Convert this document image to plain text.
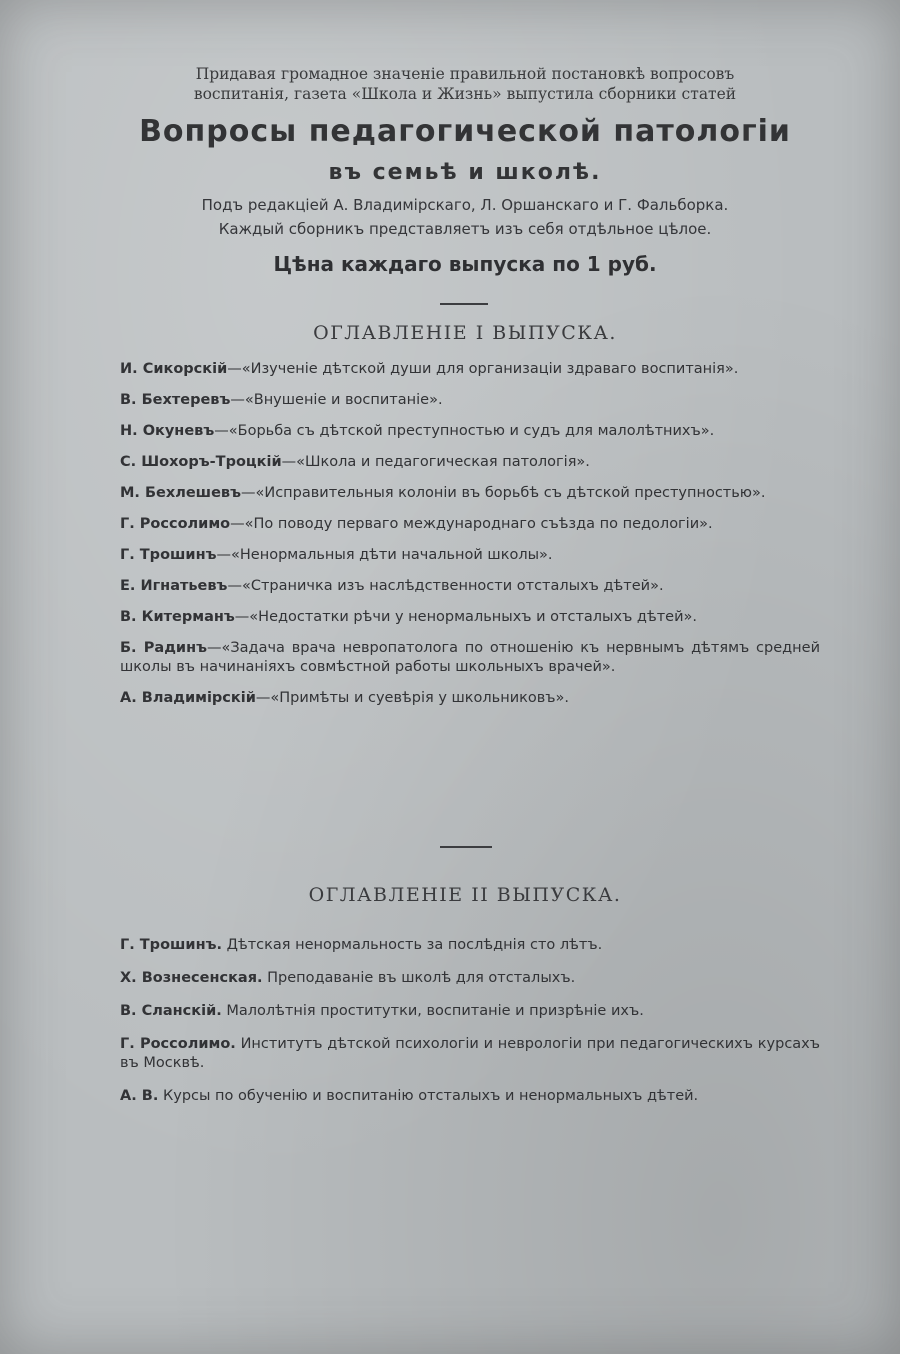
Придавая громадное значеніе правильной постановкѣ вопросовъ
воспитанія, газета «Школа и Жизнь» выпустила сборники статей
Вопросы педагогической патологіи
въ семьѣ и школѣ.
Подъ редакціей А. Владимірскаго, Л. Оршанскаго и Г. Фальборка.
Каждый сборникъ представляетъ изъ себя отдѣльное цѣлое.
Цѣна каждаго выпуска по 1 руб.
ОГЛАВЛЕНІЕ I ВЫПУСКА.
И. Сикорскій—«Изученіе дѣтской души для организаціи здраваго воспитанія».
В. Бехтеревъ—«Внушеніе и воспитаніе».
Н. Окуневъ—«Борьба съ дѣтской преступностью и судъ для малолѣтнихъ».
С. Шохоръ-Троцкій—«Школа и педагогическая патологія».
М. Бехлешевъ—«Исправительныя колоніи въ борьбѣ съ дѣтской преступностью».
Г. Россолимо—«По поводу перваго международнаго съѣзда по педологіи».
Г. Трошинъ—«Ненормальныя дѣти начальной школы».
Е. Игнатьевъ—«Страничка изъ наслѣдственности отсталыхъ дѣтей».
В. Китерманъ—«Недостатки рѣчи у ненормальныхъ и отсталыхъ дѣтей».
Б. Радинъ—«Задача врача невропатолога по отношенію къ нервнымъ дѣтямъ средней школы въ начинаніяхъ совмѣстной работы школьныхъ врачей».
А. Владимірскій—«Примѣты и суевѣрія у школьниковъ».
ОГЛАВЛЕНІЕ II ВЫПУСКА.
Г. Трошинъ. Дѣтская ненормальность за послѣднія сто лѣтъ.
Х. Вознесенская. Преподаваніе въ школѣ для отсталыхъ.
В. Сланскій. Малолѣтнія проститутки, воспитаніе и призрѣніе ихъ.
Г. Россолимо. Институтъ дѣтской психологіи и неврологіи при педагогическихъ курсахъ въ Москвѣ.
А. В. Курсы по обученію и воспитанію отсталыхъ и ненормальныхъ дѣтей.
